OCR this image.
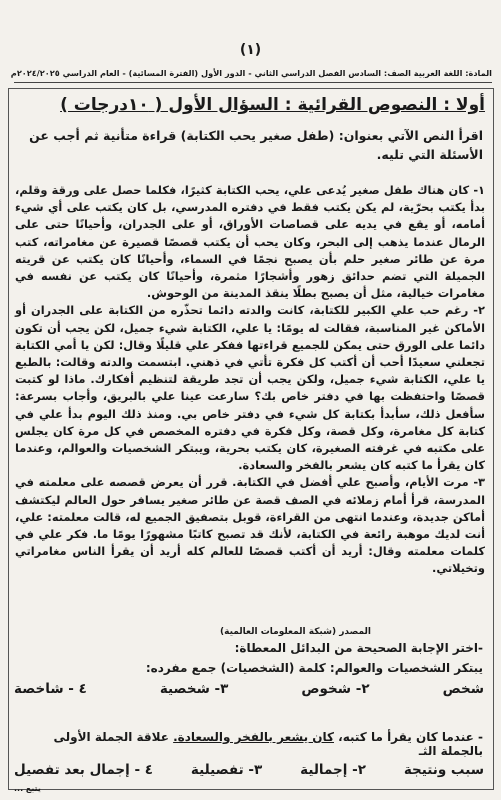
(١)
المادة: اللغة العربية الصف: السادس الفصل الدراسي الثاني - الدور الأول (الفترة المسائية) - العام الدراسي ٢٠٢٤/٢٠٢٥م
أولا : النصوص القرائية : السؤال الأول ( ١٠درجات )
اقرأ النص الآتي بعنوان: (طفل صغير يحب الكتابة) قراءة متأنية ثم أجب عن الأسئلة التي تليه.

١- كان هناك طفل صغير يُدعى علي، يحب الكتابة كثيرًا، فكلما حصل على ورقة وقلم، بدأ يكتب بحرّية، لم يكن يكتب فقط في دفتره المدرسي، بل كان يكتب على أي شيء أمامه، أو يقع في يديه على قصاصات الأوراق، أو على الجدران، وأحيانًا حتى على الرمال عندما يذهب إلى البحر، وكان يحب أن يكتب قصصًا قصيرة عن مغامراته، كتب مرة عن طائر صغير حلم بأن يصبح نجمًا في السماء، وأحيانًا كان يكتب عن قريته الجميلة التي تضم حدائق زهور وأشجارًا مثمرة، وأحيانًا كان يكتب عن نفسه في مغامرات خيالية، مثل أن يصبح بطلًا ينقذ المدينة من الوحوش.

٢- رغم حب علي الكبير للكتابة، كانت والدته دائما تحذّره من الكتابة على الجدران أو الأماكن غير المناسبة، فقالت له يومًا: يا علي، الكتابة شيء جميل، لكن يجب أن تكون دائما على الورق حتى يمكن للجميع قراءتها ففكر علي قليلًا وقال: لكن يا أمي الكتابة تجعلني سعيدًا أحب أن أكتب كل فكرة تأتي في ذهني. ابتسمت والدته وقالت: بالطبع يا علي، الكتابة شيء جميل، ولكن يجب أن تجد طريقة لتنظيم أفكارك. ماذا لو كتبت قصصًا واحتفظت بها في دفتر خاص بك؟ سارعت عينا علي بالبريق، وأجاب بسرعة: سأفعل ذلك، سأبدأ بكتابة كل شيء في دفتر خاص بي. ومنذ ذلك اليوم بدأ علي في كتابة كل مغامرة، وكل قصة، وكل فكرة في دفتره المخصص في كل مرة كان يجلس على مكتبه في غرفته الصغيرة، كان يكتب بحرية، ويبتكر الشخصيات والعوالم، وعندما كان يقرأ ما كتبه كان يشعر بالفخر والسعادة.

٣- مرت الأيام، وأصبح علي أفضل في الكتابة. قرر أن يعرض قصصه على معلمته في المدرسة، قرأ أمام زملائه في الصف قصة عن طائر صغير يسافر حول العالم ليكتشف أماكن جديدة، وعندما انتهى من القراءة، قوبل بتصفيق الجميع له، قالت معلمته: علي، أنت لديك موهبة رائعة في الكتابة، لأنك قد تصبح كاتبًا مشهورًا يومًا ما. فكر علي في كلمات معلمته وقال: أريد أن أكتب قصصًا للعالم كله أريد أن يقرأ الناس مغامراتي وتخيلاتي.

المصدر (شبكة المعلومات العالمية)
-اختر الإجابة الصحيحة من البدائل المعطاة:
يبتكر الشخصيات والعوالم: كلمة (الشخصيات) جمع مفرده:
شخص
٢- شخوص
٣- شخصية
٤ - شاخصة
- عندما كان يقرأ ما كتبه، كان يشعر بالفخر والسعادة. علاقة الجملة الأولى بالجملة الثـ
سبب ونتيجة
٢- إجمالية
٣- تفصيلية
٤ - إجمال بعد تفصيل
يتبع ...
